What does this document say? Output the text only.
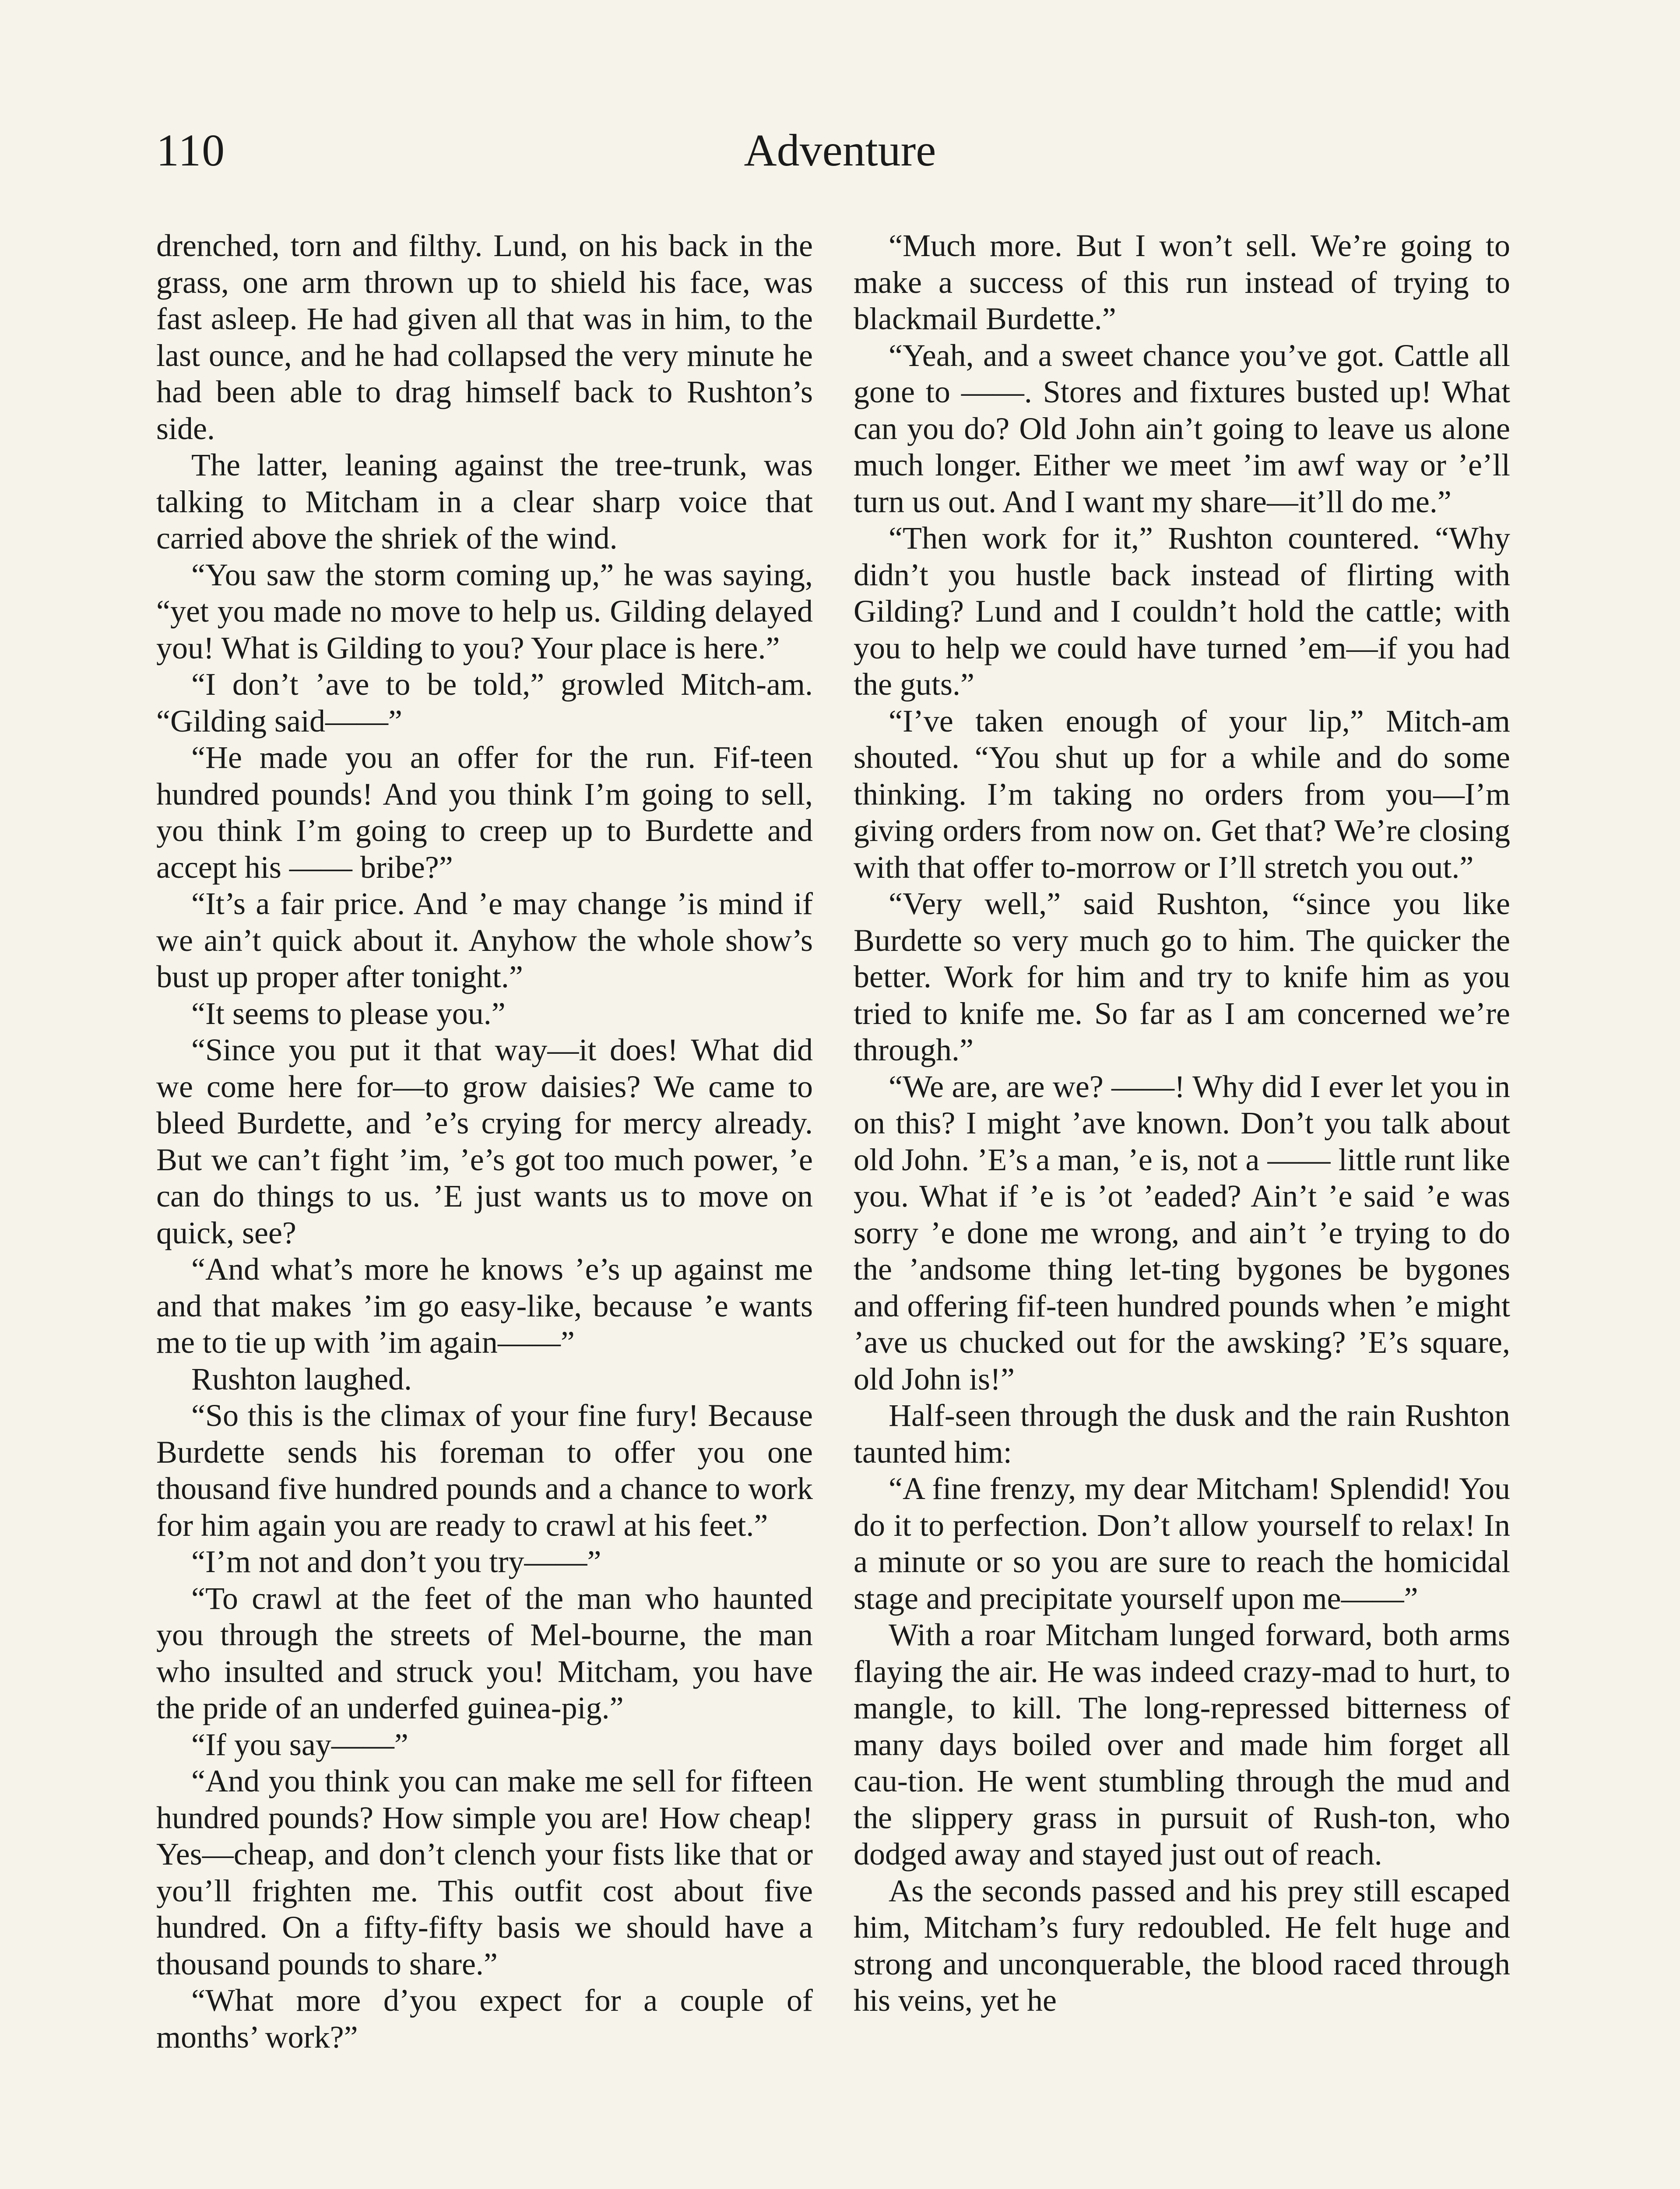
110	Adventure

drenched, torn and filthy. Lund, on his back in the grass, one arm thrown up to shield his face, was fast asleep. He had given all that was in him, to the last ounce, and he had collapsed the very minute he had been able to drag himself back to Rushton’s side.

The latter, leaning against the tree-trunk, was talking to Mitcham in a clear sharp voice that carried above the shriek of the wind.

“You saw the storm coming up,” he was saying, “yet you made no move to help us. Gilding delayed you! What is Gilding to you? Your place is here.”

“I don’t ’ave to be told,” growled Mitch-am. “Gilding said——”

“He made you an offer for the run. Fif-teen hundred pounds! And you think I’m going to sell, you think I’m going to creep up to Burdette and accept his —— bribe?”

“It’s a fair price. And ’e may change ’is mind if we ain’t quick about it. Anyhow the whole show’s bust up proper after tonight.”

“It seems to please you.”

“Since you put it that way—it does! What did we come here for—to grow daisies? We came to bleed Burdette, and ’e’s crying for mercy already. But we can’t fight ’im, ’e’s got too much power, ’e can do things to us. ’E just wants us to move on quick, see?

“And what’s more he knows ’e’s up against me and that makes ’im go easy-like, because ’e wants me to tie up with ’im again——”

Rushton laughed.

“So this is the climax of your fine fury! Because Burdette sends his foreman to offer you one thousand five hundred pounds and a chance to work for him again you are ready to crawl at his feet.”

“I’m not and don’t you try——”

“To crawl at the feet of the man who haunted you through the streets of Mel-bourne, the man who insulted and struck you! Mitcham, you have the pride of an underfed guinea-pig.”

“If you say——”

“And you think you can make me sell for fifteen hundred pounds? How simple you are! How cheap! Yes—cheap, and don’t clench your fists like that or you’ll frighten me. This outfit cost about five hundred. On a fifty-fifty basis we should have a thousand pounds to share.”

“What more d’you expect for a couple of months’ work?”

“Much more. But I won’t sell. We’re going to make a success of this run instead of trying to blackmail Burdette.”

“Yeah, and a sweet chance you’ve got. Cattle all gone to ——. Stores and fixtures busted up! What can you do? Old John ain’t going to leave us alone much longer. Either we meet ’im awf way or ’e’ll turn us out. And I want my share—it’ll do me.”

“Then work for it,” Rushton countered. “Why didn’t you hustle back instead of flirting with Gilding? Lund and I couldn’t hold the cattle; with you to help we could have turned ’em—if you had the guts.”

“I’ve taken enough of your lip,” Mitch-am shouted. “You shut up for a while and do some thinking. I’m taking no orders from you—I’m giving orders from now on. Get that? We’re closing with that offer to-morrow or I’ll stretch you out.”

“Very well,” said Rushton, “since you like Burdette so very much go to him. The quicker the better. Work for him and try to knife him as you tried to knife me. So far as I am concerned we’re through.”

“We are, are we? ——! Why did I ever let you in on this? I might ’ave known. Don’t you talk about old John. ’E’s a man, ’e is, not a —— little runt like you. What if ’e is ’ot ’eaded? Ain’t ’e said ’e was sorry ’e done me wrong, and ain’t ’e trying to do the ’andsome thing let-ting bygones be bygones and offering fif-teen hundred pounds when ’e might ’ave us chucked out for the awsking? ’E’s square, old John is!”

Half-seen through the dusk and the rain Rushton taunted him:

“A fine frenzy, my dear Mitcham! Splendid! You do it to perfection. Don’t allow yourself to relax! In a minute or so you are sure to reach the homicidal stage and precipitate yourself upon me——”

With a roar Mitcham lunged forward, both arms flaying the air. He was indeed crazy-mad to hurt, to mangle, to kill. The long-repressed bitterness of many days boiled over and made him forget all cau-tion. He went stumbling through the mud and the slippery grass in pursuit of Rush-ton, who dodged away and stayed just out of reach.

As the seconds passed and his prey still escaped him, Mitcham’s fury redoubled. He felt huge and strong and unconquerable, the blood raced through his veins, yet he
